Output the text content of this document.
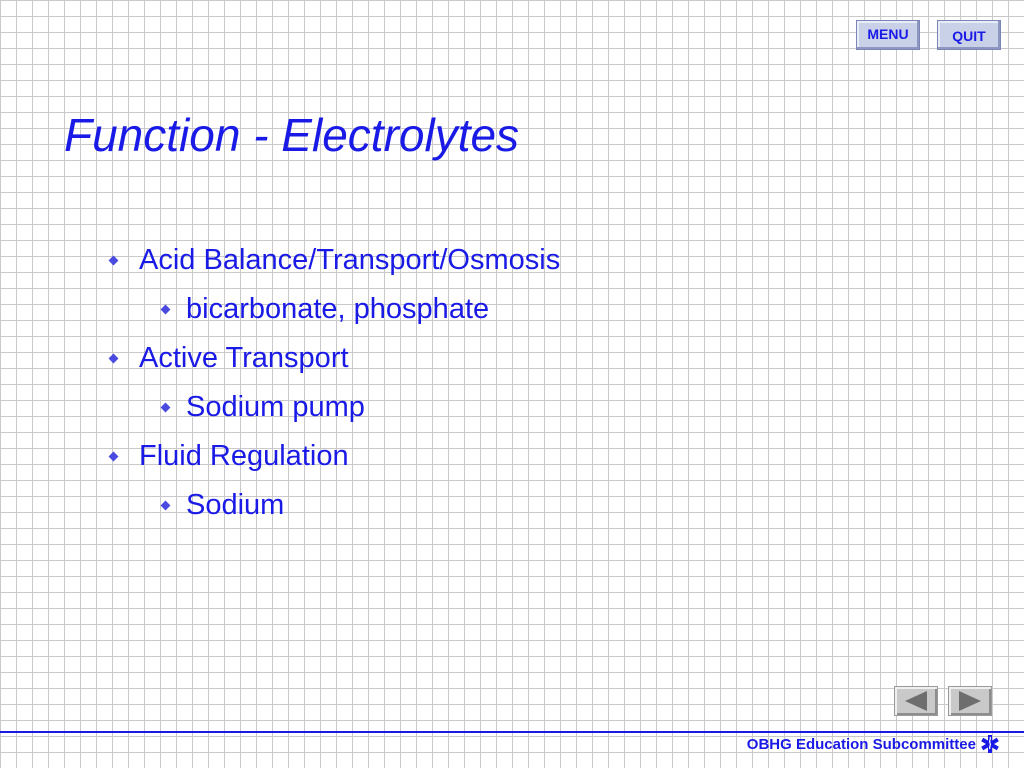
MENU	QUIT
Function - Electrolytes
Acid Balance/Transport/Osmosis
bicarbonate, phosphate
Active Transport
Sodium pump
Fluid Regulation
Sodium
OBHG Education Subcommittee
